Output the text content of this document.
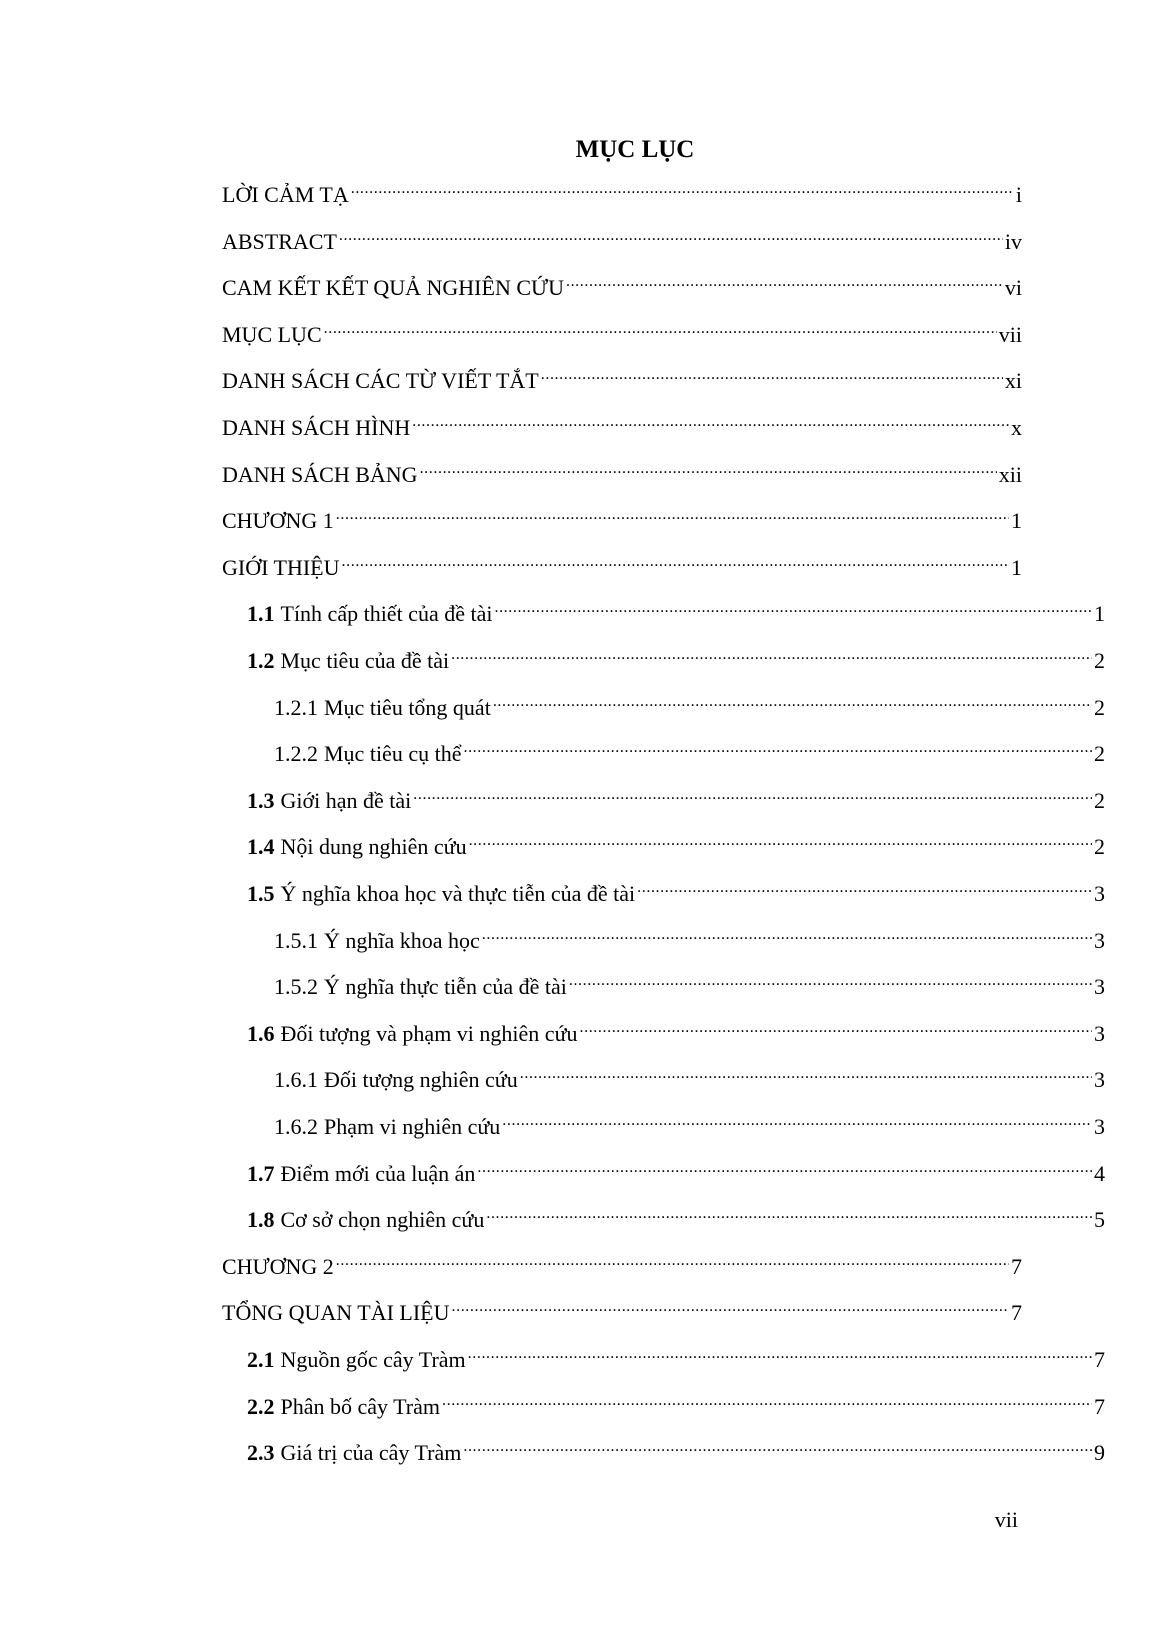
MỤC LỤC
LỜI CẢM TẠ .....	i
ABSTRACT .....	iv
CAM KẾT KẾT QUẢ NGHIÊN CỨU .....	vi
MỤC LỤC .....	vii
DANH SÁCH CÁC TỪ VIẾT TẮT .....	xi
DANH SÁCH HÌNH .....	x
DANH SÁCH BẢNG .....	xii
CHƯƠNG 1 .....	1
GIỚI THIỆU .....	1
1.1 Tính cấp thiết của đề tài .....	1
1.2 Mục tiêu của đề tài .....	2
1.2.1 Mục tiêu tổng quát .....	2
1.2.2 Mục tiêu cụ thể .....	2
1.3 Giới hạn đề tài .....	2
1.4 Nội dung nghiên cứu .....	2
1.5 Ý nghĩa khoa học và thực tiễn của đề tài .....	3
1.5.1 Ý nghĩa khoa học .....	3
1.5.2 Ý nghĩa thực tiễn của đề tài .....	3
1.6 Đối tượng và phạm vi nghiên cứu .....	3
1.6.1 Đối tượng nghiên cứu .....	3
1.6.2 Phạm vi nghiên cứu .....	3
1.7 Điểm mới của luận án .....	4
1.8 Cơ sở chọn nghiên cứu .....	5
CHƯƠNG 2 .....	7
TỔNG QUAN TÀI LIỆU .....	7
2.1 Nguồn gốc cây Tràm .....	7
2.2 Phân bố cây Tràm .....	7
2.3 Giá trị của cây Tràm .....	9
vii
